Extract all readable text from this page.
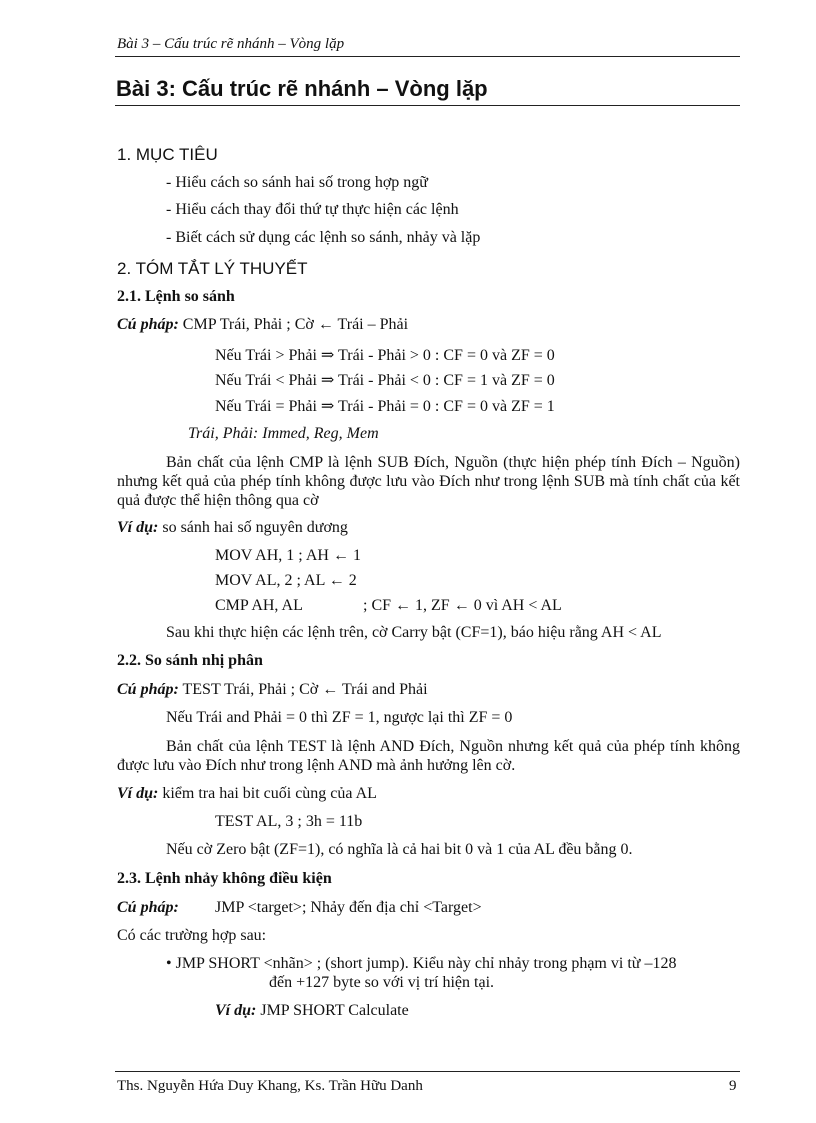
Bài 3 – Cấu trúc rẽ nhánh – Vòng lặp
Bài 3: Cấu trúc rẽ nhánh – Vòng lặp
1. MỤC TIÊU
- Hiểu cách so sánh hai số trong hợp ngữ
- Hiểu cách thay đổi thứ tự thực hiện các lệnh
- Biết cách sử dụng các lệnh so sánh, nhảy và lặp
2. TÓM TẮT LÝ THUYẾT
2.1. Lệnh so sánh
Cú pháp: CMP Trái, Phải ; Cờ ← Trái – Phải
Nếu Trái > Phải ⇒ Trái - Phải > 0 : CF = 0 và ZF = 0
Nếu Trái < Phải ⇒ Trái - Phải < 0 : CF = 1 và ZF = 0
Nếu Trái = Phải ⇒ Trái - Phải = 0 : CF = 0 và ZF = 1
Trái, Phải: Immed, Reg, Mem
Bản chất của lệnh CMP là lệnh SUB Đích, Nguồn (thực hiện phép tính Đích – Nguồn) nhưng kết quả của phép tính không được lưu vào Đích như trong lệnh SUB mà tính chất của kết quả được thể hiện thông qua cờ
Ví dụ: so sánh hai số nguyên dương
MOV AH, 1 ; AH ← 1
MOV AL, 2 ; AL ← 2
CMP AH, AL	; CF ← 1, ZF ← 0 vì AH < AL
Sau khi thực hiện các lệnh trên, cờ Carry bật (CF=1), báo hiệu rằng AH < AL
2.2. So sánh nhị phân
Cú pháp: TEST Trái, Phải ; Cờ ← Trái and Phải
Nếu Trái and Phải = 0 thì ZF = 1, ngược lại thì ZF = 0
Bản chất của lệnh TEST là lệnh AND Đích, Nguồn nhưng kết quả của phép tính không được lưu vào Đích như trong lệnh AND mà ảnh hưởng lên cờ.
Ví dụ: kiểm tra hai bit cuối cùng của AL
TEST AL, 3 ; 3h = 11b
Nếu cờ Zero bật (ZF=1), có nghĩa là cả hai bit 0 và 1 của AL đều bằng 0.
2.3. Lệnh nhảy không điều kiện
Cú pháp: JMP <target>; Nhảy đến địa chỉ <Target>
Có các trường hợp sau:
• JMP SHORT <nhãn> ; (short jump). Kiểu này chỉ nhảy trong phạm vi từ –128
đến +127 byte so với vị trí hiện tại.
Ví dụ: JMP SHORT Calculate
Ths. Nguyễn Hứa Duy Khang, Ks. Trần Hữu Danh	9
